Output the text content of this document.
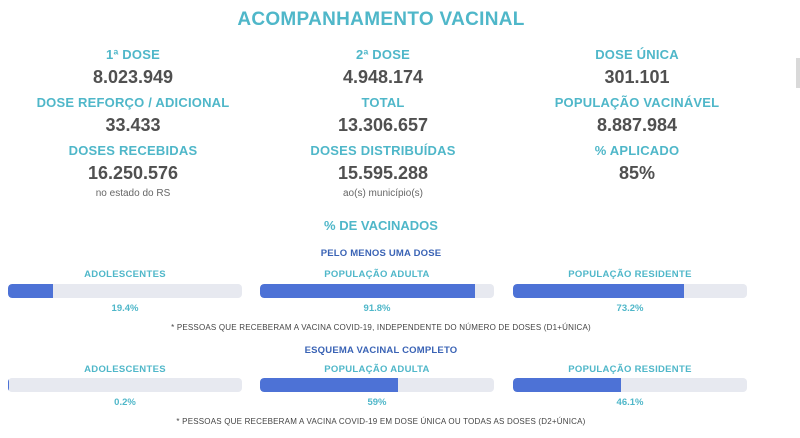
ACOMPANHAMENTO VACINAL
1ª DOSE
8.023.949
2ª DOSE
4.948.174
DOSE ÚNICA
301.101
DOSE REFORÇO / ADICIONAL
33.433
TOTAL
13.306.657
POPULAÇÃO VACINÁVEL
8.887.984
DOSES RECEBIDAS
16.250.576
no estado do RS
DOSES DISTRIBUÍDAS
15.595.288
ao(s) município(s)
% APLICADO
85%
% DE VACINADOS
PELO MENOS UMA DOSE
ADOLESCENTES
19.4%
POPULAÇÃO ADULTA
91.8%
POPULAÇÃO RESIDENTE
73.2%
* PESSOAS QUE RECEBERAM A VACINA COVID-19, INDEPENDENTE DO NÚMERO DE DOSES (D1+ÚNICA)
ESQUEMA VACINAL COMPLETO
ADOLESCENTES
0.2%
POPULAÇÃO ADULTA
59%
POPULAÇÃO RESIDENTE
46.1%
* PESSOAS QUE RECEBERAM A VACINA COVID-19 EM DOSE ÚNICA OU TODAS AS DOSES (D2+ÚNICA)
